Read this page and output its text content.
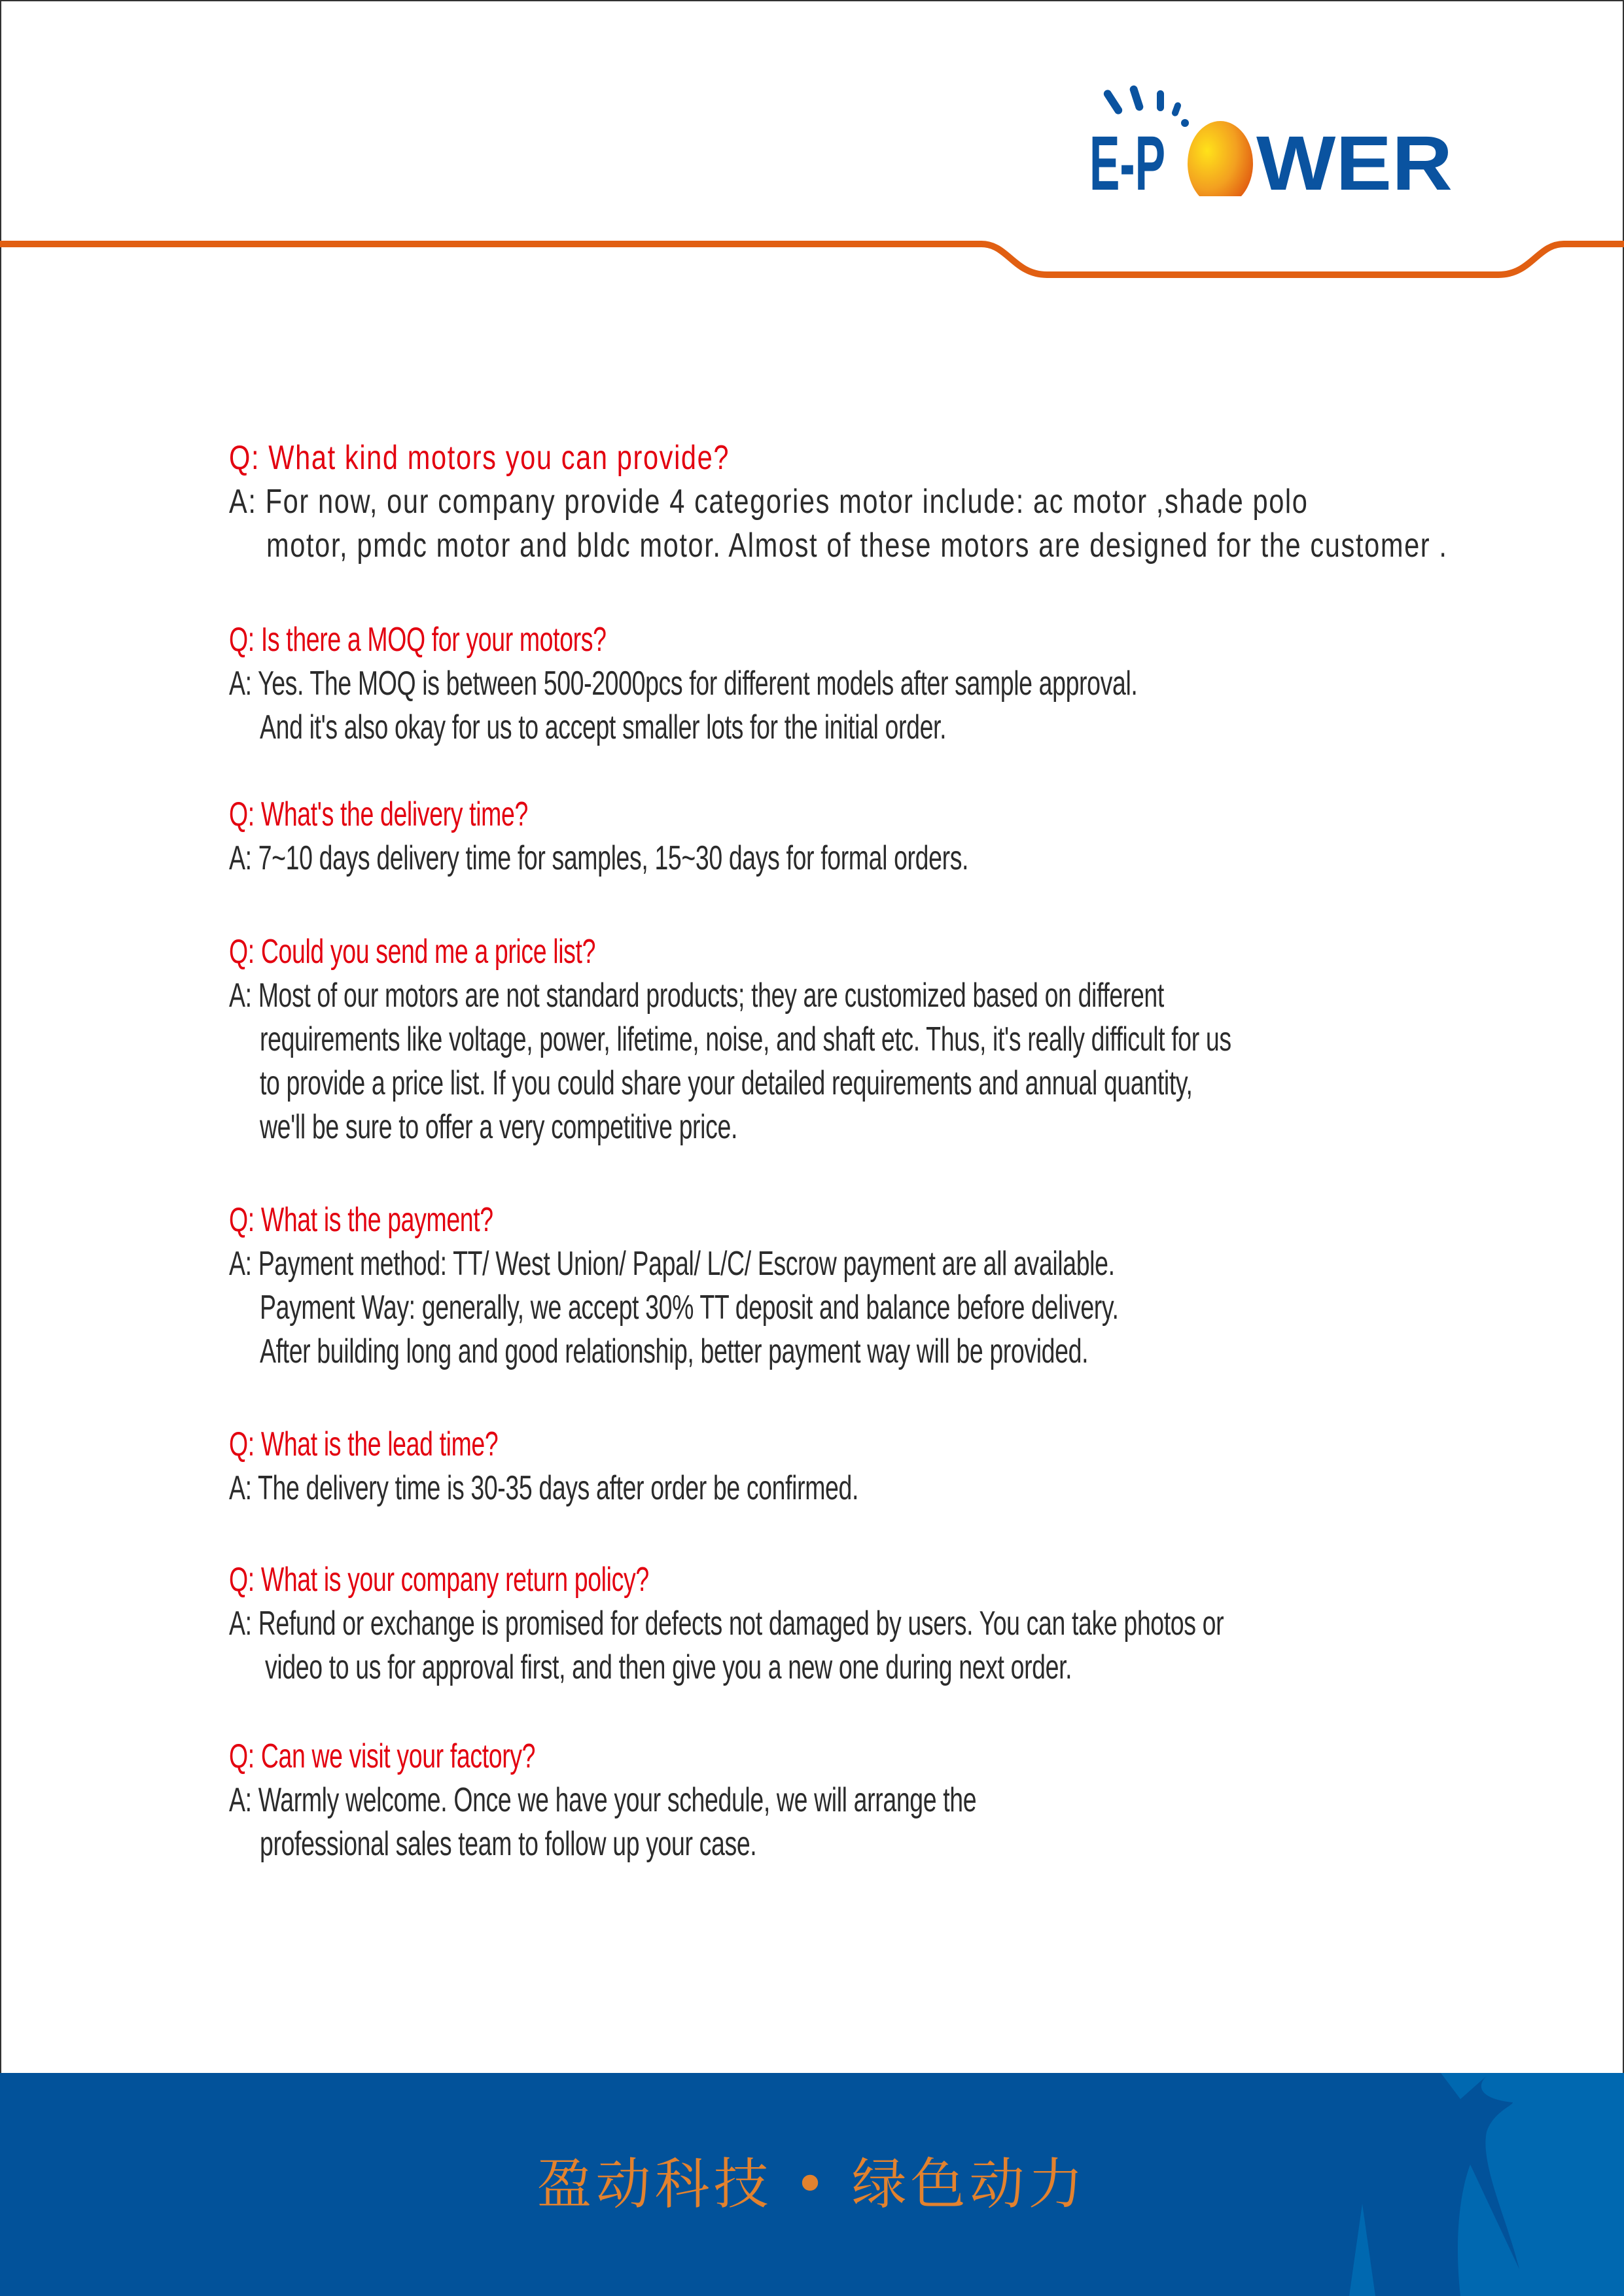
E-P WER
Q: What kind motors you can provide?
A: For now, our company provide 4 categories motor include: ac motor ,shade polo
motor, pmdc motor and bldc motor. Almost of these motors are designed for the customer .
Q: Is there a MOQ for your motors?
A: Yes. The MOQ is between 500-2000pcs for different models after sample approval.
And it's also okay for us to accept smaller lots for the initial order.
Q: What's the delivery time?
A: 7~10 days delivery time for samples, 15~30 days for formal orders.
Q: Could you send me a price list?
A: Most of our motors are not standard products; they are customized based on different
requirements like voltage, power, lifetime, noise, and shaft etc. Thus, it's really difficult for us
to provide a price list. If you could share your detailed requirements and annual quantity,
we'll be sure to offer a very competitive price.
Q: What is the payment?
A: Payment method: TT/ West Union/ Papal/ L/C/ Escrow payment are all available.
Payment Way: generally, we accept 30% TT deposit and balance before delivery.
After building long and good relationship, better payment way will be provided.
Q: What is the lead time?
A: The delivery time is 30-35 days after order be confirmed.
Q: What is your company return policy?
A: Refund or exchange is promised for defects not damaged by users. You can take photos or
video to us for approval first, and then give you a new one during next order.
Q: Can we visit your factory?
A: Warmly welcome. Once we have your schedule, we will arrange the
professional sales team to follow up your case.
盈动科技 • 绿色动力
